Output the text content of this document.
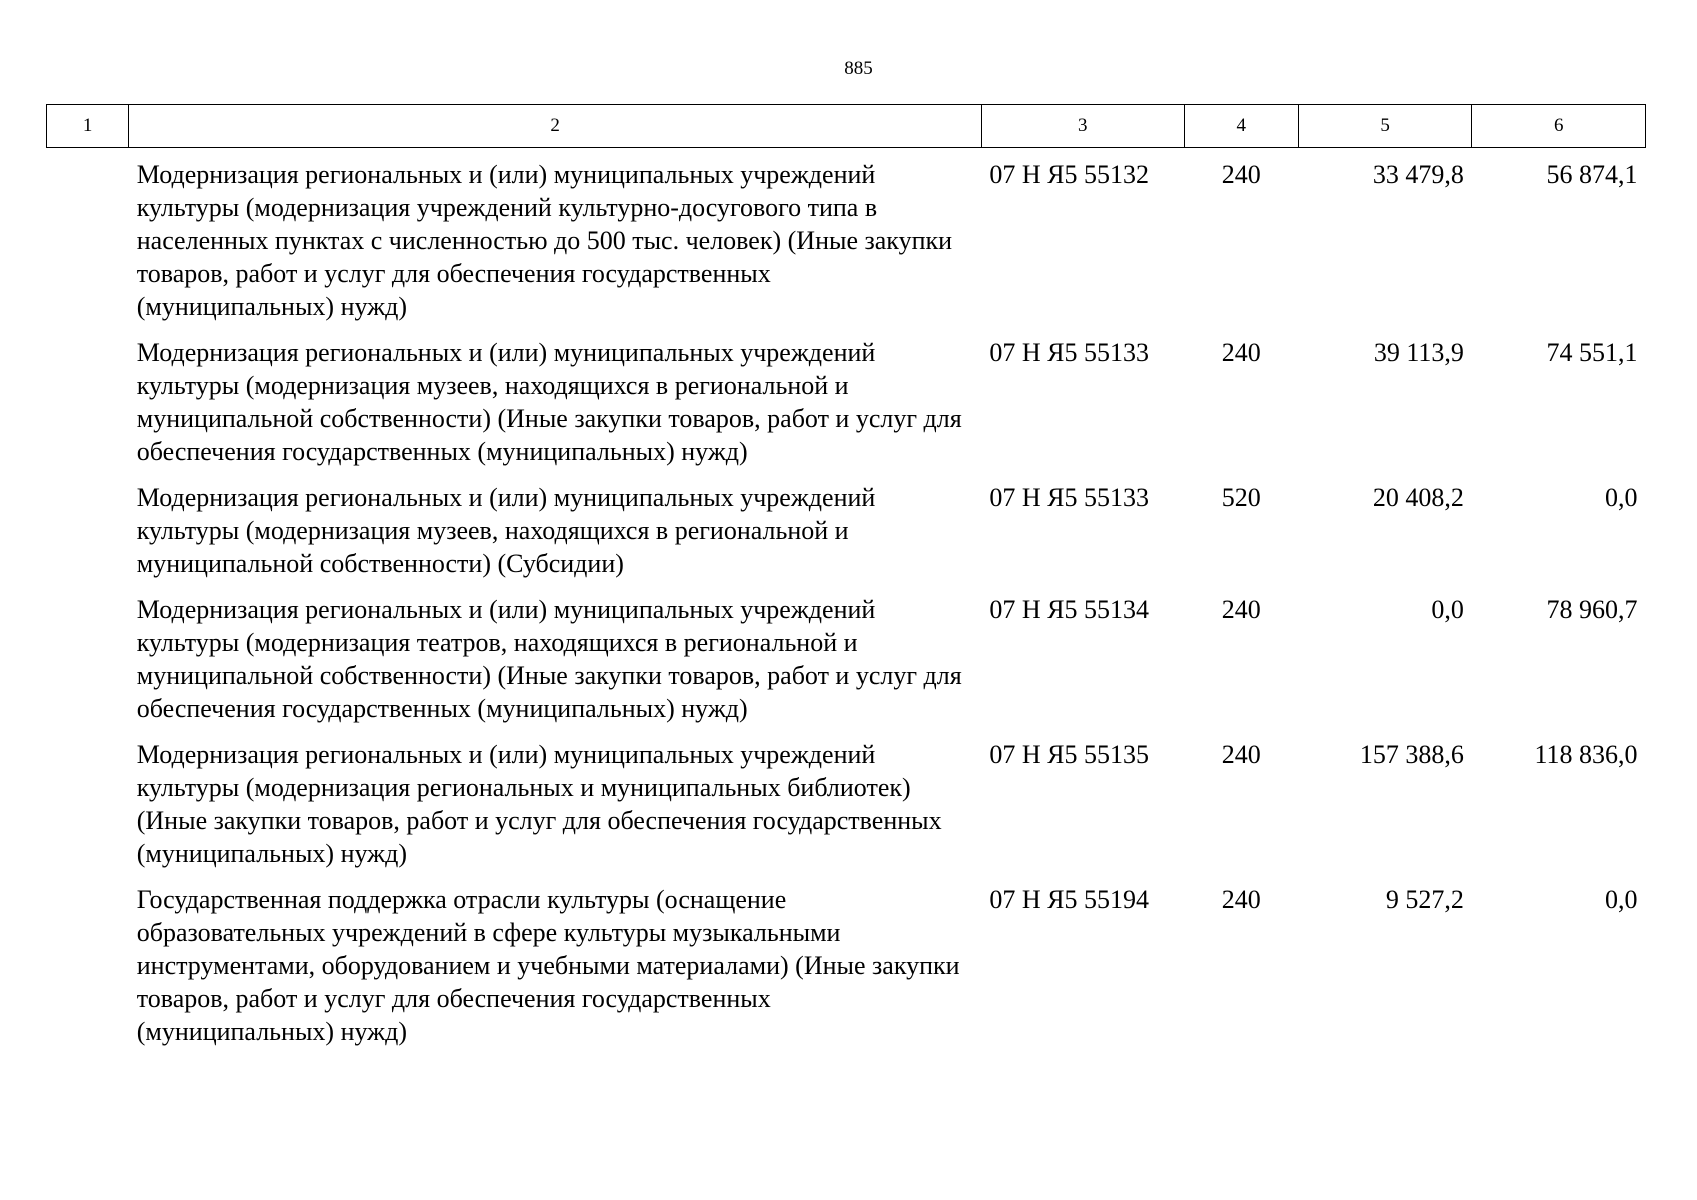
885
1	2	3	4	5	6
	Модернизация региональных и (или) муниципальных учреждений культуры (модернизация учреждений культурно-досугового типа в населенных пунктах с численностью до 500 тыс. человек) (Иные закупки товаров, работ и услуг для обеспечения государственных (муниципальных) нужд)	07 Н Я5 55132	240	33 479,8	56 874,1
	Модернизация региональных и (или) муниципальных учреждений культуры (модернизация музеев, находящихся в региональной и муниципальной собственности) (Иные закупки товаров, работ и услуг для обеспечения государственных (муниципальных) нужд)	07 Н Я5 55133	240	39 113,9	74 551,1
	Модернизация региональных и (или) муниципальных учреждений культуры (модернизация музеев, находящихся в региональной и муниципальной собственности) (Субсидии)	07 Н Я5 55133	520	20 408,2	0,0
	Модернизация региональных и (или) муниципальных учреждений культуры (модернизация театров, находящихся в региональной и муниципальной собственности) (Иные закупки товаров, работ и услуг для обеспечения государственных (муниципальных) нужд)	07 Н Я5 55134	240	0,0	78 960,7
	Модернизация региональных и (или) муниципальных учреждений культуры (модернизация региональных и муниципальных библиотек) (Иные закупки товаров, работ и услуг для обеспечения государственных (муниципальных) нужд)	07 Н Я5 55135	240	157 388,6	118 836,0
	Государственная поддержка отрасли культуры (оснащение образовательных учреждений в сфере культуры музыкальными инструментами, оборудованием и учебными материалами) (Иные закупки товаров, работ и услуг для обеспечения государственных (муниципальных) нужд)	07 Н Я5 55194	240	9 527,2	0,0
